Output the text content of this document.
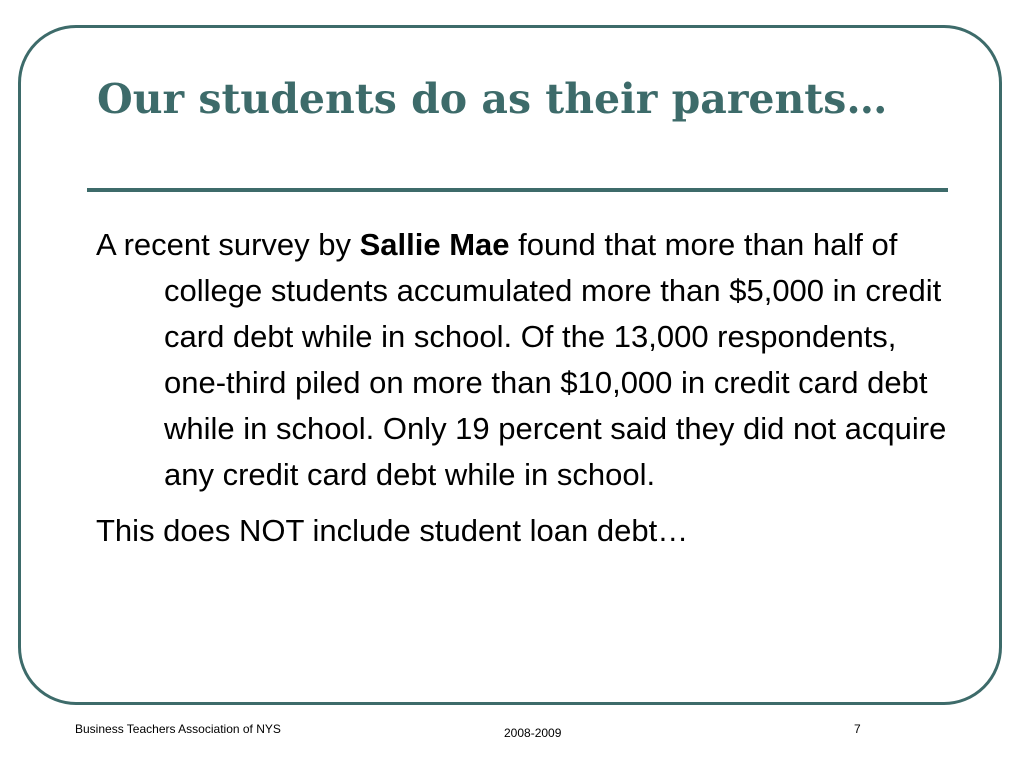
Our students do as their parents…

A recent survey by Sallie Mae found that more than half of college students accumulated more than $5,000 in credit card debt while in school. Of the 13,000 respondents, one-third piled on more than $10,000 in credit card debt while in school. Only 19 percent said they did not acquire any credit card debt while in school.

This does NOT include student loan debt…

Business Teachers Association of NYS	2008-2009	7
